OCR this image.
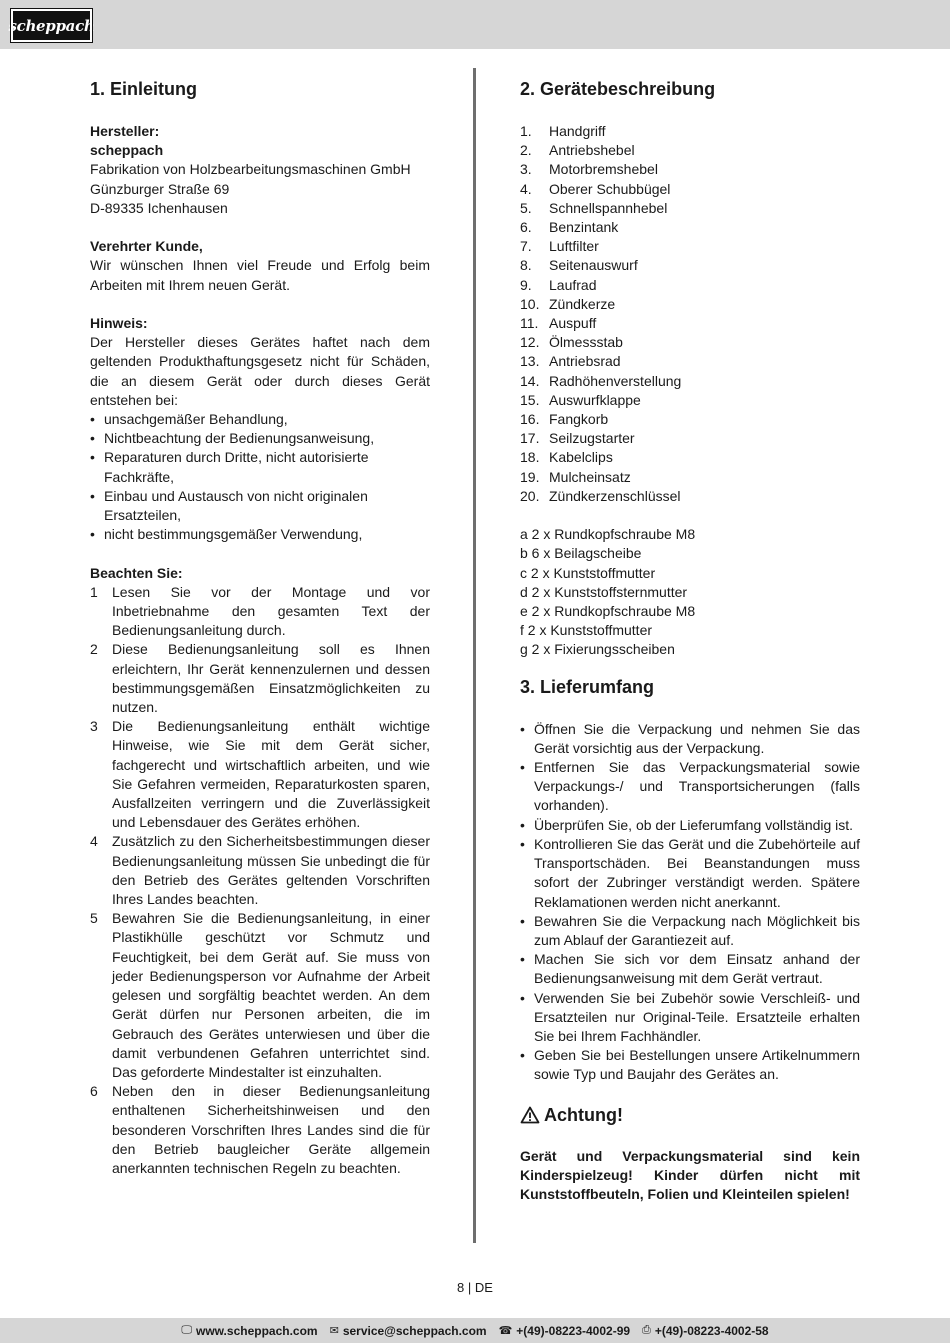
scheppach
1. Einleitung
Hersteller:
scheppach
Fabrikation von Holzbearbeitungsmaschinen GmbH
Günzburger Straße 69
D-89335 Ichenhausen
Verehrter Kunde,
Wir wünschen Ihnen viel Freude und Erfolg beim Arbeiten mit Ihrem neuen Gerät.
Hinweis:
Der Hersteller dieses Gerätes haftet nach dem geltenden Produkthaftungsgesetz nicht für Schäden, die an diesem Gerät oder durch dieses Gerät entstehen bei:
• unsachgemäßer Behandlung,
• Nichtbeachtung der Bedienungsanweisung,
• Reparaturen durch Dritte, nicht autorisierte Fachkräfte,
• Einbau und Austausch von nicht originalen Ersatzteilen,
• nicht bestimmungsgemäßer Verwendung,
Beachten Sie:
1	Lesen Sie vor der Montage und vor Inbetriebnahme den gesamten Text der Bedienungsanleitung durch.
2	Diese Bedienungsanleitung soll es Ihnen erleichtern, Ihr Gerät kennenzulernen und dessen bestimmungsgemäßen Einsatzmöglichkeiten zu nutzen.
3	Die Bedienungsanleitung enthält wichtige Hinweise, wie Sie mit dem Gerät sicher, fachgerecht und wirtschaftlich arbeiten, und wie Sie Gefahren vermeiden, Reparaturkosten sparen, Ausfallzeiten verringern und die Zuverlässigkeit und Lebensdauer des Gerätes erhöhen.
4	Zusätzlich zu den Sicherheitsbestimmungen dieser Bedienungsanleitung müssen Sie unbedingt die für den Betrieb des Gerätes geltenden Vorschriften Ihres Landes beachten.
5	Bewahren Sie die Bedienungsanleitung, in einer Plastikhülle geschützt vor Schmutz und Feuchtigkeit, bei dem Gerät auf. Sie muss von jeder Bedienungsperson vor Aufnahme der Arbeit gelesen und sorgfältig beachtet werden. An dem Gerät dürfen nur Personen arbeiten, die im Gebrauch des Gerätes unterwiesen und über die damit verbundenen Gefahren unterrichtet sind. Das geforderte Mindestalter ist einzuhalten.
6	Neben den in dieser Bedienungsanleitung enthaltenen Sicherheitshinweisen und den besonderen Vorschriften Ihres Landes sind die für den Betrieb baugleicher Geräte allgemein anerkannten technischen Regeln zu beachten.
2. Gerätebeschreibung
1.	Handgriff
2.	Antriebshebel
3.	Motorbremshebel
4.	Oberer Schubbügel
5.	Schnellspannhebel
6.	Benzintank
7.	Luftfilter
8.	Seitenauswurf
9.	Laufrad
10. Zündkerze
11. Auspuff
12. Ölmessstab
13. Antriebsrad
14. Radhöhenverstellung
15. Auswurfklappe
16. Fangkorb
17. Seilzugstarter
18. Kabelclips
19. Mulcheinsatz
20. Zündkerzenschlüssel
a 2 x Rundkopfschraube M8
b 6 x Beilagscheibe
c 2 x Kunststoffmutter
d 2 x Kunststoffsternmutter
e 2 x Rundkopfschraube M8
f 2 x Kunststoffmutter
g 2 x Fixierungsscheiben
3. Lieferumfang
• Öffnen Sie die Verpackung und nehmen Sie das Gerät vorsichtig aus der Verpackung.
• Entfernen Sie das Verpackungsmaterial sowie Verpackungs-/ und Transportsicherungen (falls vorhanden).
• Überprüfen Sie, ob der Lieferumfang vollständig ist.
• Kontrollieren Sie das Gerät und die Zubehörteile auf Transportschäden. Bei Beanstandungen muss sofort der Zubringer verständigt werden. Spätere Reklamationen werden nicht anerkannt.
• Bewahren Sie die Verpackung nach Möglichkeit bis zum Ablauf der Garantiezeit auf.
• Machen Sie sich vor dem Einsatz anhand der Bedienungsanweisung mit dem Gerät vertraut.
• Verwenden Sie bei Zubehör sowie Verschleiß- und Ersatzteilen nur Original-Teile. Ersatzteile erhalten Sie bei Ihrem Fachhändler.
• Geben Sie bei Bestellungen unsere Artikelnummern sowie Typ und Baujahr des Gerätes an.
Achtung!
Gerät und Verpackungsmaterial sind kein Kinderspielzeug! Kinder dürfen nicht mit Kunststoffbeuteln, Folien und Kleinteilen spielen!
8 | DE
🖵 www.scheppach.com ✉ service@scheppach.com ☎ +(49)-08223-4002-99 ⎙ +(49)-08223-4002-58
